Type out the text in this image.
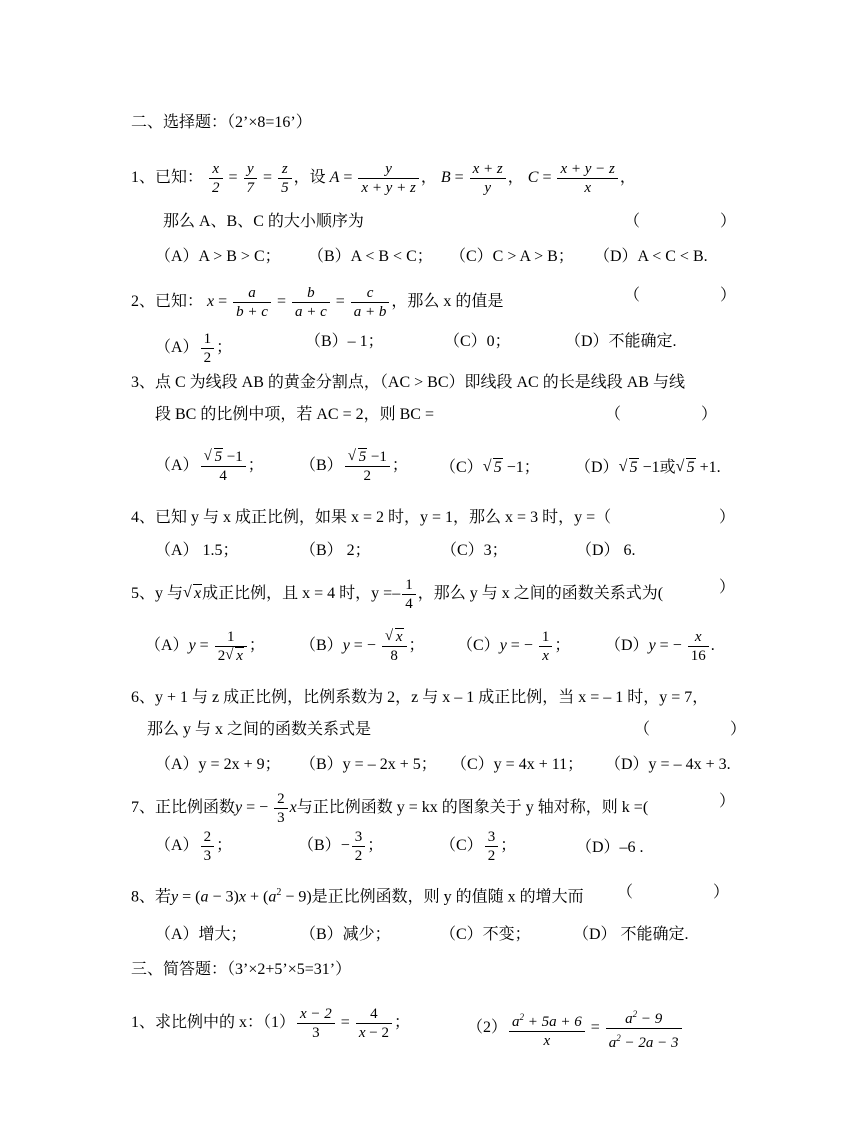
二、选择题：（2’×8=16’）
1、已知： $\frac{x}{2} = \frac{y}{7} = \frac{z}{5}$ ，设 $A = \frac{y}{x + y + z}$ ， $B = \frac{x + z}{y}$ ， $C = \frac{x + y - z}{x}$ ，
那么 A、B、C 的大小顺序为	（　　　　　）
（A）A > B > C； （B）A < B < C； （C）C > A > B； （D）A < C < B.
2、已知： $x = \frac{a}{b + c} = \frac{b}{a + c} = \frac{c}{a + b}$ ，那么 x 的值是	（　　　　　）
$(A) \frac{1}{2}$ ；	（B）– 1；	（C）0；	（D）不能确定.
3、点 C 为线段 AB 的黄金分割点，（AC > BC）即线段 AC 的长是线段 AB 与线
段 BC 的比例中项，若 AC = 2，则 BC =	（　　　　　）
（A） √ $\frac{5 -1}{4}$ ； （B） √ $\frac{5 -1}{2}$ ； （C） √ 5 −1； （D） √ 5 −1或 √ 5 +1.
4、已知 y 与 x 成正比例，如果 x = 2 时，y = 1，那么 x = 3 时，y =（	）
（A） 1.5；	（B） 2；	（C）3；	（D） 6.
5、y 与 √ x成正比例，且 x = 4 时，$y =- \frac{1}{4}$ ，那么 y 与 x 之间的函数关系式为(	）
$(A)y = \frac{1}{2 √ x}$ ； （B）y = − √ $\frac{x}{8}$ ； （C）y = − $\frac{1}{x}$ ； （D）y = − $\frac{x}{16}$ .
6、y + 1 与 z 成正比例，比例系数为 2，z 与 x – 1 成正比例，当 x = – 1 时，y = 7，
那么 y 与 x 之间的函数关系式是	（　　　　　）
（A）y = 2x + 9； （B）y = – 2x + 5； （C）y = 4x + 11； （D）y = – 4x + 3.
7、正比例函数y = − $\frac{2}{3}$ x与正比例函数 y = kx 的图象关于 y 轴对称，则 k =(	）
$(A) \frac{2}{3}$ ；	$(B)- \frac{3}{2}$ ；	$(C) \frac{3}{2}$ ；	（D）–6 .
8、若$y = (a - 3)x + (a^2 - 9)$是正比例函数，则 y 的值随 x 的增大而 （　　　　　）
（A）增大；	（B）减少；	（C）不变；	（D） 不能确定.
三、简答题：（3’×2+5’×5=31’）
1、求比例中的 x：$(1) \frac{x - 2}{3} = \frac{4}{x - 2}$ ；	$(2) \frac{a^2 + 5a + 6}{x} = \frac{a^2 - 9}{a^2 - 2a - 3}$
